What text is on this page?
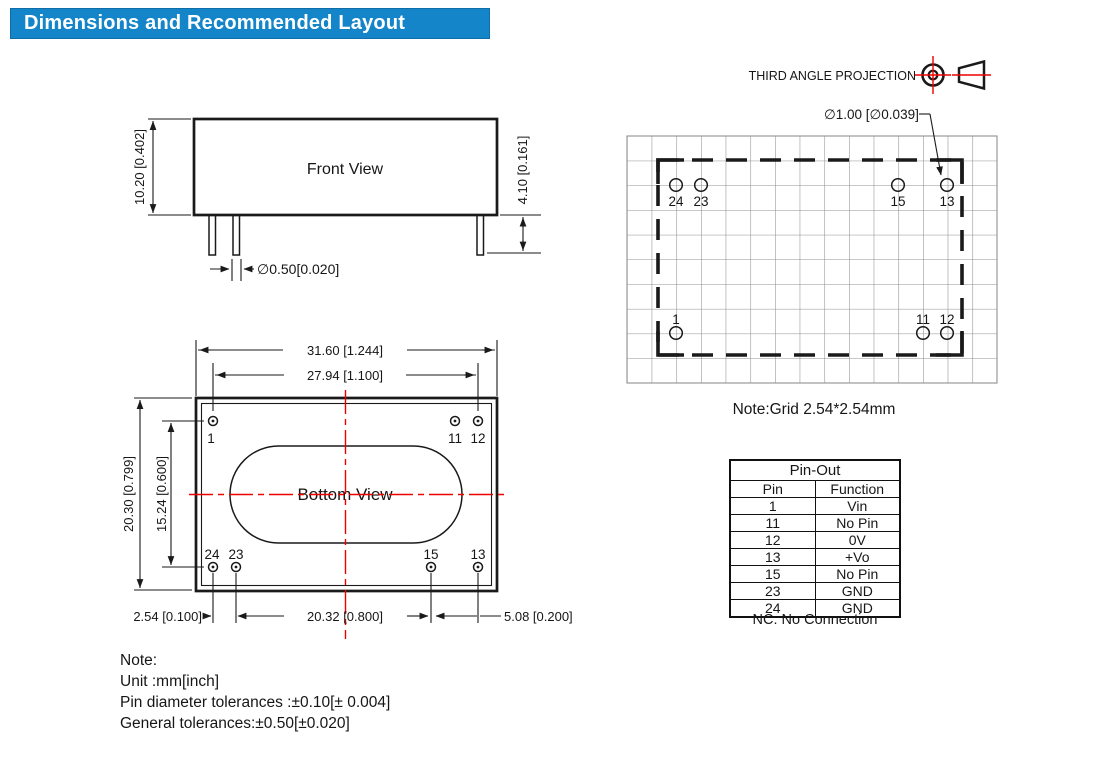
Dimensions and Recommended Layout
Front View
10.20 [0.402]	4.10 [0.161]
∅0.50[0.020]
Bottom View
1	11 12
24 23	15 13
31.60 [1.244]
27.94 [1.100]
20.30 [0.799] 15.24 [0.600]
2.54 [0.100]	20.32 [0.800]	5.08 [0.200]
THIRD ANGLE PROJECTION
24 23	15	13
1	11 12
∅1.00 [∅0.039]
Note:Grid 2.54*2.54mm
Pin-Out	
Pin	Function
1	Vin
11	No Pin
12	0V
13	+Vo
15	No Pin
23	GND
24	GND
NC: No Connection
Note:
Unit :mm[inch]
Pin diameter tolerances :±0.10[± 0.004]
General tolerances:±0.50[±0.020]
